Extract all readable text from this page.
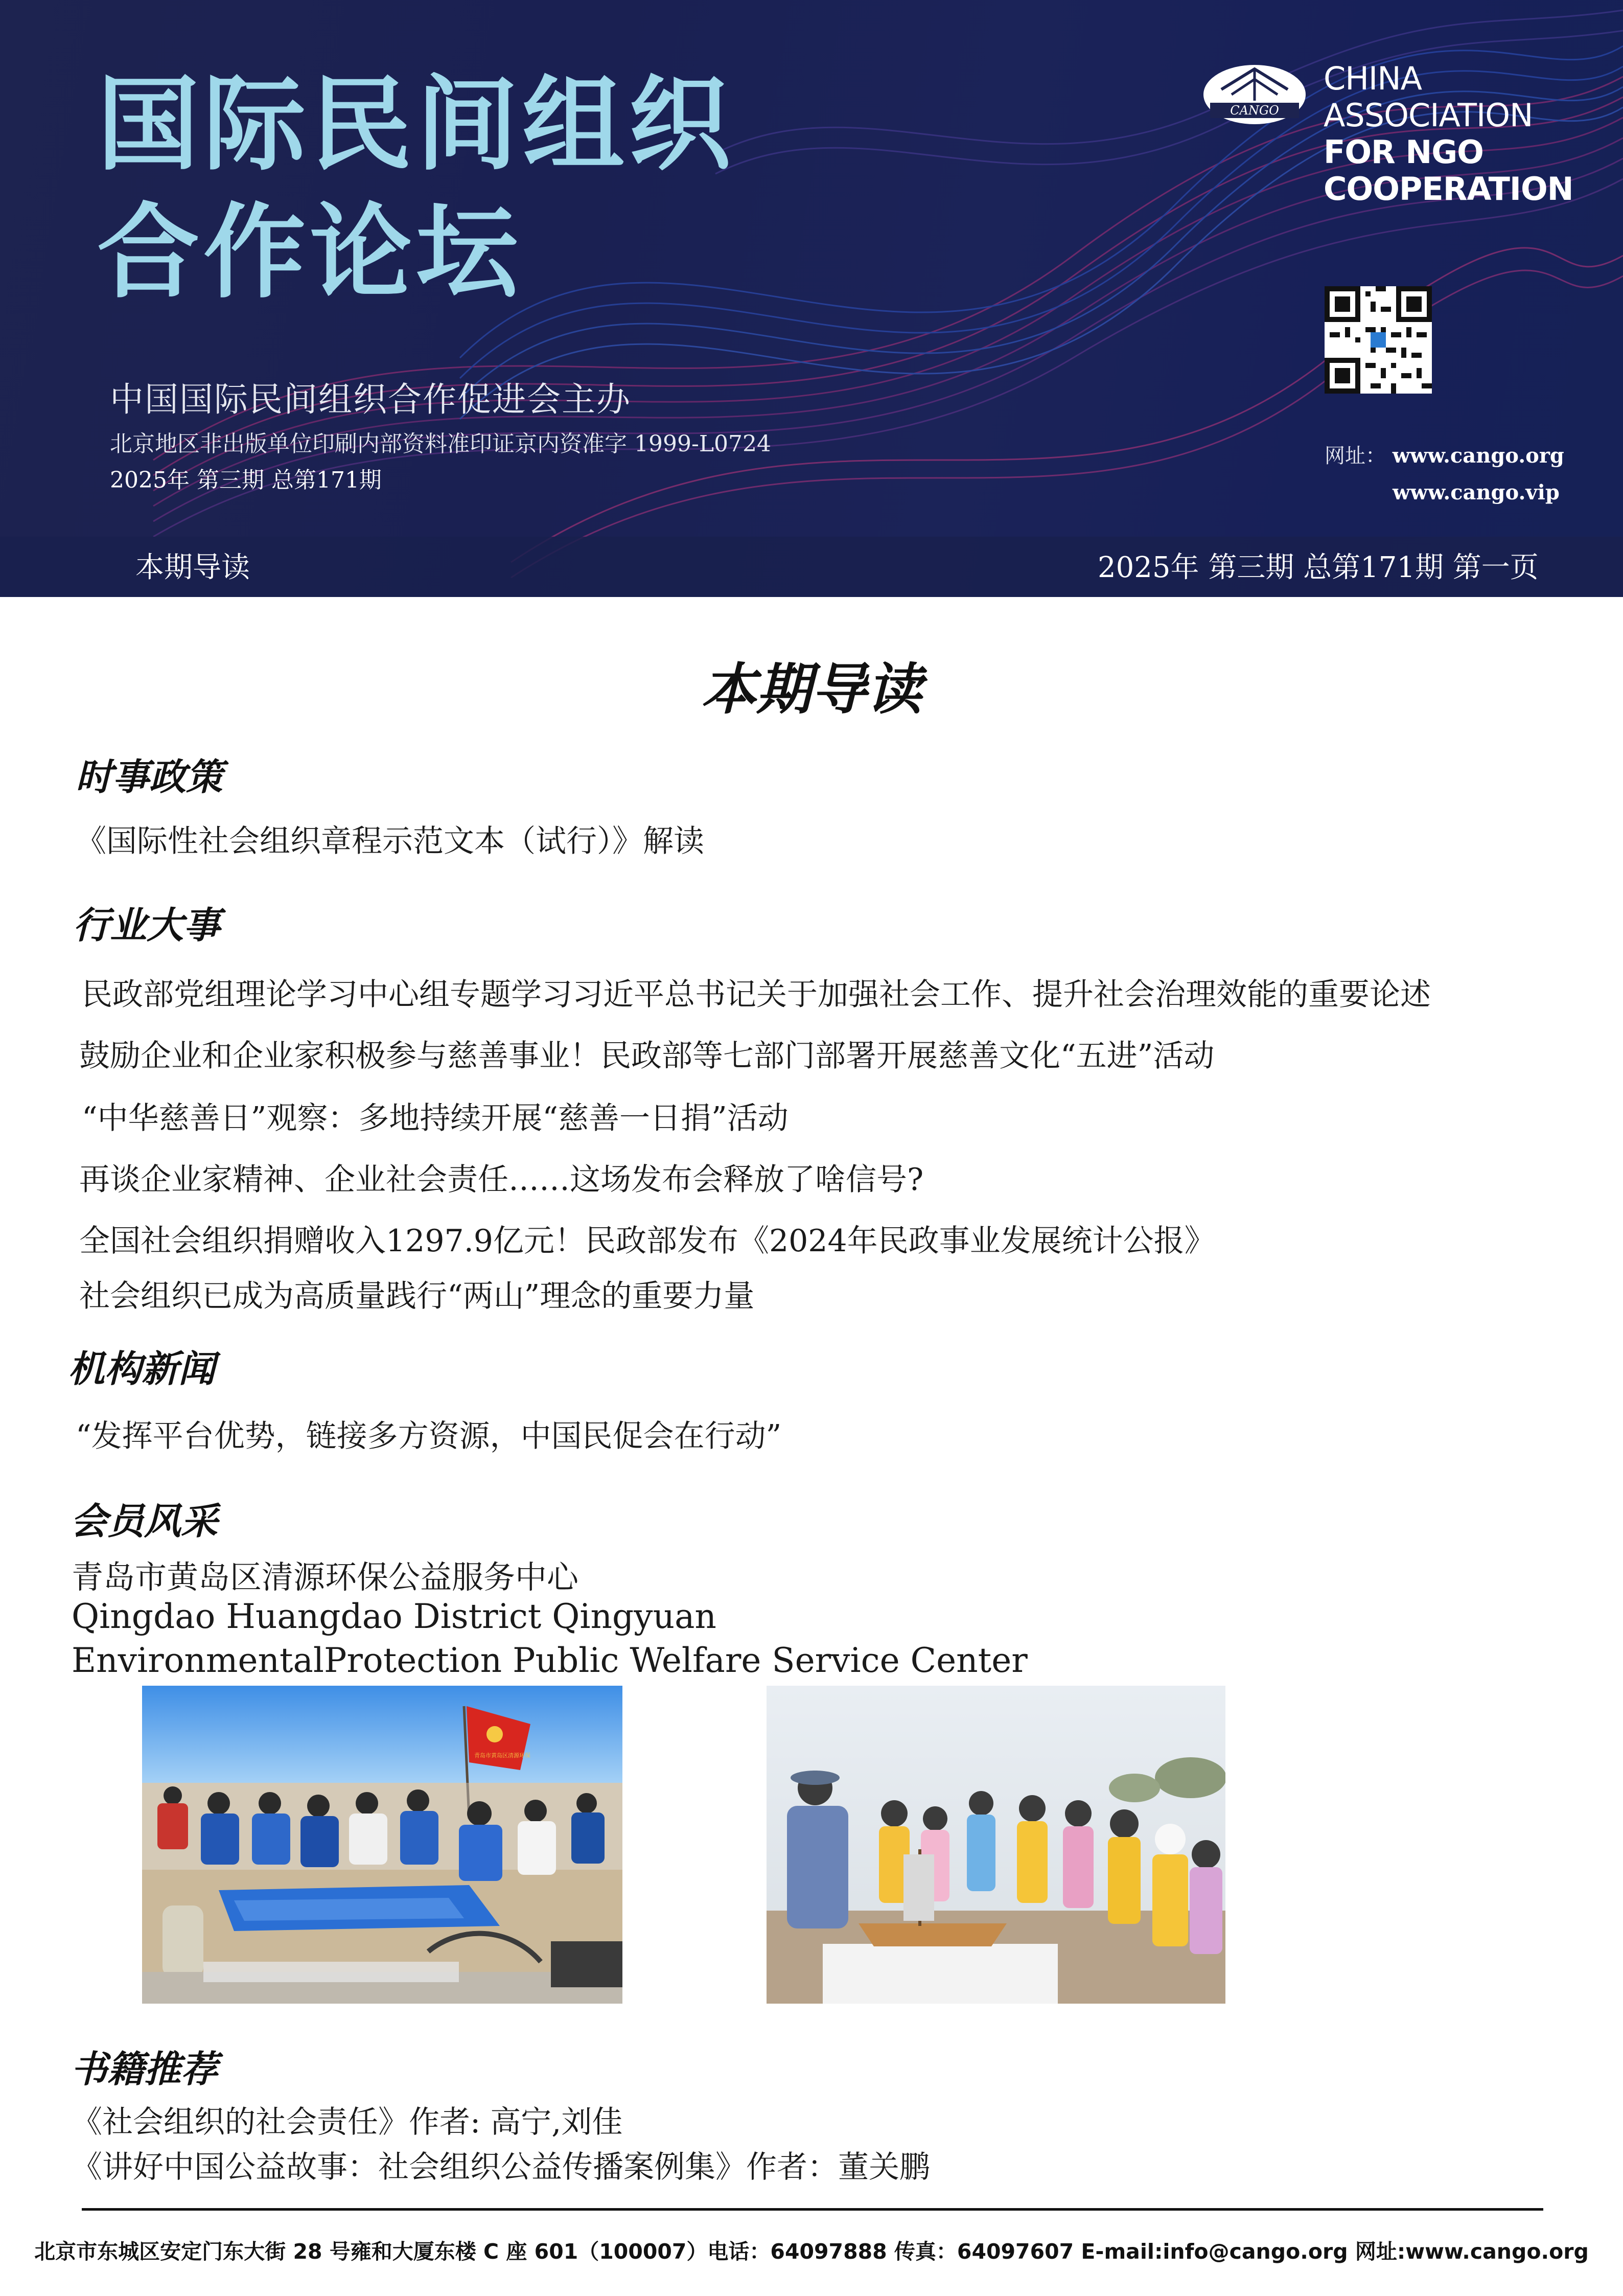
国际民间组织
合作论坛
中国国际民间组织合作促进会主办
北京地区非出版单位印刷内部资料准印证京内资准字 1999-L0724
2025年 第三期 总第171期
CANGO
CHINA ASSOCIATION
FOR NGO COOPERATION
网址： www.cango.org
www.cango.vip
本期导读	2025年 第三期 总第171期 第一页
本期导读
时事政策
《国际性社会组织章程示范文本（试行）》解读
行业大事
民政部党组理论学习中心组专题学习习近平总书记关于加强社会工作、提升社会治理效能的重要论述
鼓励企业和企业家积极参与慈善事业！民政部等七部门部署开展慈善文化“五进”活动
“中华慈善日”观察：多地持续开展“慈善一日捐”活动
再谈企业家精神、企业社会责任……这场发布会释放了啥信号?
全国社会组织捐赠收入1297.9亿元！民政部发布《2024年民政事业发展统计公报》
社会组织已成为高质量践行“两山”理念的重要力量
机构新闻
“发挥平台优势，链接多方资源，中国民促会在行动”
会员风采
青岛市黄岛区清源环保公益服务中心
Qingdao Huangdao District Qingyuan
EnvironmentalProtection Public Welfare Service Center
青岛市黄岛区清源环保
书籍推荐
《社会组织的社会责任》作者: 高宁,刘佳
《讲好中国公益故事：社会组织公益传播案例集》作者：董关鹏
北京市东城区安定门东大街 28 号雍和大厦东楼 C 座 601（100007）电话：64097888 传真：64097607 E-mail:info@cango.org 网址:www.cango.org
